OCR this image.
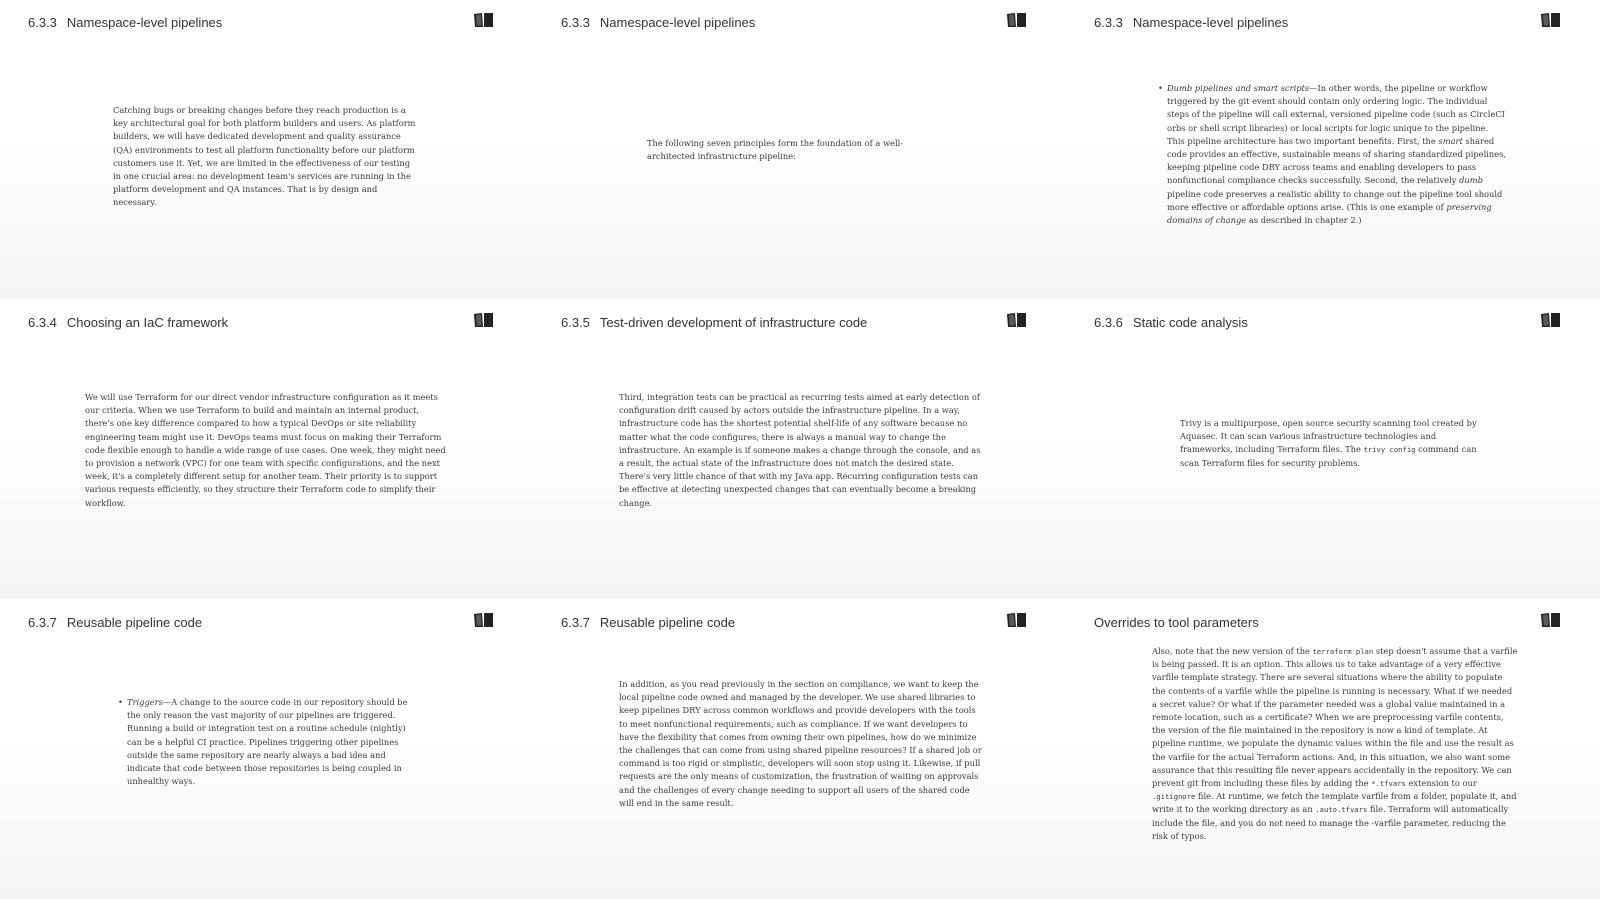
6.3.3 Namespace-level pipelines

Catching bugs or breaking changes before they reach production is a key architectural goal for both platform builders and users. As platform builders, we will have dedicated development and quality assurance (QA) environments to test all platform functionality before our platform customers use it. Yet, we are limited in the effectiveness of our testing in one crucial area: no development team's services are running in the platform development and QA instances. That is by design and necessary.

6.3.3 Namespace-level pipelines

The following seven principles form the foundation of a well-architected infrastructure pipeline:

6.3.3 Namespace-level pipelines

• Dumb pipelines and smart scripts—In other words, the pipeline or workflow triggered by the git event should contain only ordering logic. The individual steps of the pipeline will call external, versioned pipeline code (such as CircleCI orbs or shell script libraries) or local scripts for logic unique to the pipeline. This pipeline architecture has two important benefits. First, the smart shared code provides an effective, sustainable means of sharing standardized pipelines, keeping pipeline code DRY across teams and enabling developers to pass nonfunctional compliance checks successfully. Second, the relatively dumb pipeline code preserves a realistic ability to change out the pipeline tool should more effective or affordable options arise. (This is one example of preserving domains of change as described in chapter 2.)

6.3.4 Choosing an IaC framework

We will use Terraform for our direct vendor infrastructure configuration as it meets our criteria. When we use Terraform to build and maintain an internal product, there's one key difference compared to how a typical DevOps or site reliability engineering team might use it. DevOps teams must focus on making their Terraform code flexible enough to handle a wide range of use cases. One week, they might need to provision a network (VPC) for one team with specific configurations, and the next week, it's a completely different setup for another team. Their priority is to support various requests efficiently, so they structure their Terraform code to simplify their workflow.

6.3.5 Test-driven development of infrastructure code

Third, integration tests can be practical as recurring tests aimed at early detection of configuration drift caused by actors outside the infrastructure pipeline. In a way, infrastructure code has the shortest potential shelf-life of any software because no matter what the code configures, there is always a manual way to change the infrastructure. An example is if someone makes a change through the console, and as a result, the actual state of the infrastructure does not match the desired state. There's very little chance of that with my Java app. Recurring configuration tests can be effective at detecting unexpected changes that can eventually become a breaking change.

6.3.6 Static code analysis

Trivy is a multipurpose, open source security scanning tool created by Aquasec. It can scan various infrastructure technologies and frameworks, including Terraform files. The trivy config command can scan Terraform files for security problems.

6.3.7 Reusable pipeline code

• Triggers—A change to the source code in our repository should be the only reason the vast majority of our pipelines are triggered. Running a build or integration test on a routine schedule (nightly) can be a helpful CI practice. Pipelines triggering other pipelines outside the same repository are nearly always a bad idea and indicate that code between those repositories is being coupled in unhealthy ways.

6.3.7 Reusable pipeline code

In addition, as you read previously in the section on compliance, we want to keep the local pipeline code owned and managed by the developer. We use shared libraries to keep pipelines DRY across common workflows and provide developers with the tools to meet nonfunctional requirements, such as compliance. If we want developers to have the flexibility that comes from owning their own pipelines, how do we minimize the challenges that can come from using shared pipeline resources? If a shared job or command is too rigid or simplistic, developers will soon stop using it. Likewise, if pull requests are the only means of customization, the frustration of waiting on approvals and the challenges of every change needing to support all users of the shared code will end in the same result.

Overrides to tool parameters

Also, note that the new version of the terraform plan step doesn't assume that a varfile is being passed. It is an option. This allows us to take advantage of a very effective varfile template strategy. There are several situations where the ability to populate the contents of a varfile while the pipeline is running is necessary. What if we needed a secret value? Or what if the parameter needed was a global value maintained in a remote location, such as a certificate? When we are preprocessing varfile contents, the version of the file maintained in the repository is now a kind of template. At pipeline runtime, we populate the dynamic values within the file and use the result as the varfile for the actual Terraform actions. And, in this situation, we also want some assurance that this resulting file never appears accidentally in the repository. We can prevent git from including these files by adding the *.tfvars extension to our .gitignore file. At runtime, we fetch the template varfile from a folder, populate it, and write it to the working directory as an .auto.tfvars file. Terraform will automatically include the file, and you do not need to manage the -varfile parameter, reducing the risk of typos.
